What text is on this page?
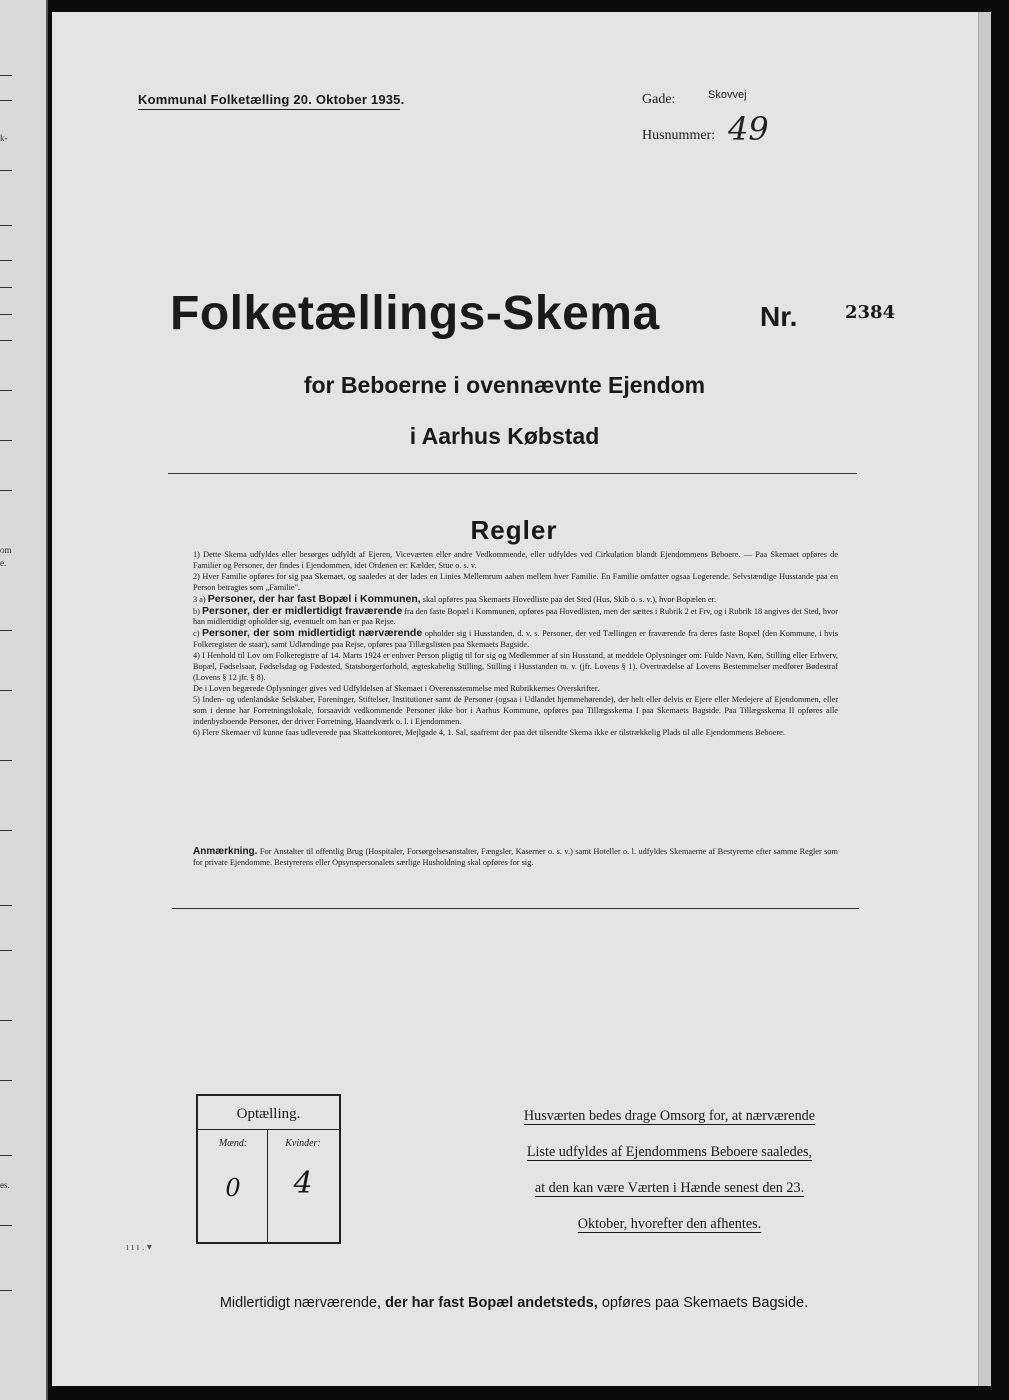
k-
om
e.
es.
Kommunal Folketælling 20. Oktober 1935.	Gade:	Skovvej
Husnummer: 49
Folketællings-Skema	Nr.	2384
for Beboerne i ovennævnte Ejendom
i Aarhus Købstad
Regler

1) Dette Skema udfyldes eller besørges udfyldt af Ejeren, Viceværten eller andre Vedkommende, eller udfyldes ved Cirkulation blandt Ejendommens Beboere. — Paa Skemaet opføres de Familier og Personer, der findes i Ejendommen, idet Ordenen er: Kælder, Stue o. s. v.

2) Hver Familie opføres for sig paa Skemaet, og saaledes at der lades en Linies Mellemrum aaben mellem hver Familie. En Familie omfatter ogsaa Logerende. Selvstændige Husstande paa en Person betragtes som „Familie".

3 a) Personer, der har fast Bopæl i Kommunen, skal opføres paa Skemaets Hovedliste paa det Sted (Hus, Skib o. s. v.), hvor Bopælen er.

b) Personer, der er midlertidigt fraværende fra den faste Bopæl i Kommunen, opføres paa Hovedlisten, men der sættes i Rubrik 2 et Frv, og i Rubrik 18 angives det Sted, hvor han midlertidigt opholder sig, eventuelt om han er paa Rejse.

c) Personer, der som midlertidigt nærværende opholder sig i Husstanden, d. v. s. Personer, der ved Tællingen er fraværende fra deres faste Bopæl (den Kommune, i hvis Folkeregister de staar), samt Udlændinge paa Rejse, opføres paa Tillægslisten paa Skemaets Bagside.

4) I Henhold til Lov om Folkeregistre af 14. Marts 1924 er enhver Person pligtig til for sig og Medlemmer af sin Husstand, at meddele Oplysninger om: Fulde Navn, Køn, Stilling eller Erhverv, Bopæl, Fødselsaar, Fødselsdag og Fødested, Statsborgerforhold, ægteskabelig Stilling, Stilling i Husstanden m. v. (jfr. Lovens § 1). Overtrædelse af Lovens Bestemmelser medfører Bødestraf (Lovens § 12 jfr. § 8).

De i Loven begærede Oplysninger gives ved Udfyldelsen af Skemaet i Overensstemmelse med Rubrikkernes Overskrifter.

5) Inden- og udenlandske Selskaber, Foreninger, Stiftelser, Institutioner samt de Personer (ogsaa i Udlandet hjemmehørende), der helt eller delvis er Ejere eller Medejere af Ejendommen, eller som i denne har Forretningslokale, forsaavidt vedkommende Personer ikke bor i Aarhus Kommune, opføres paa Tillægsskema I paa Skemaets Bagside. Paa Tillægsskema II opføres alle indenbysboende Personer, der driver Forretning, Haandværk o. l. i Ejendommen.

6) Flere Skemaer vil kunne faas udleverede paa Skattekontoret, Mejlgade 4, 1. Sal, saafremt der paa det tilsendte Skema ikke er tilstrækkelig Plads til alle Ejendommens Beboere.

Anmærkning. For Anstalter til offentlig Brug (Hospitaler, Forsørgelsesanstalter, Fængsler, Kaserner o. s. v.) samt Hoteller o. l. udfyldes Skemaerne af Bestyrerne efter samme Regler som for private Ejendomme. Bestyrerens eller Opsynspersonalets særlige Husholdning skal opføres for sig.
Optælling.
Mænd:	Kvinder:
0	4
Husværten bedes drage Omsorg for, at nærværende
Liste udfyldes af Ejendommens Beboere saaledes,
at den kan være Værten i Hænde senest den 23.
Oktober, hvorefter den afhentes.
ı ı ı . ▾
Midlertidigt nærværende, der har fast Bopæl andetsteds, opføres paa Skemaets Bagside.
